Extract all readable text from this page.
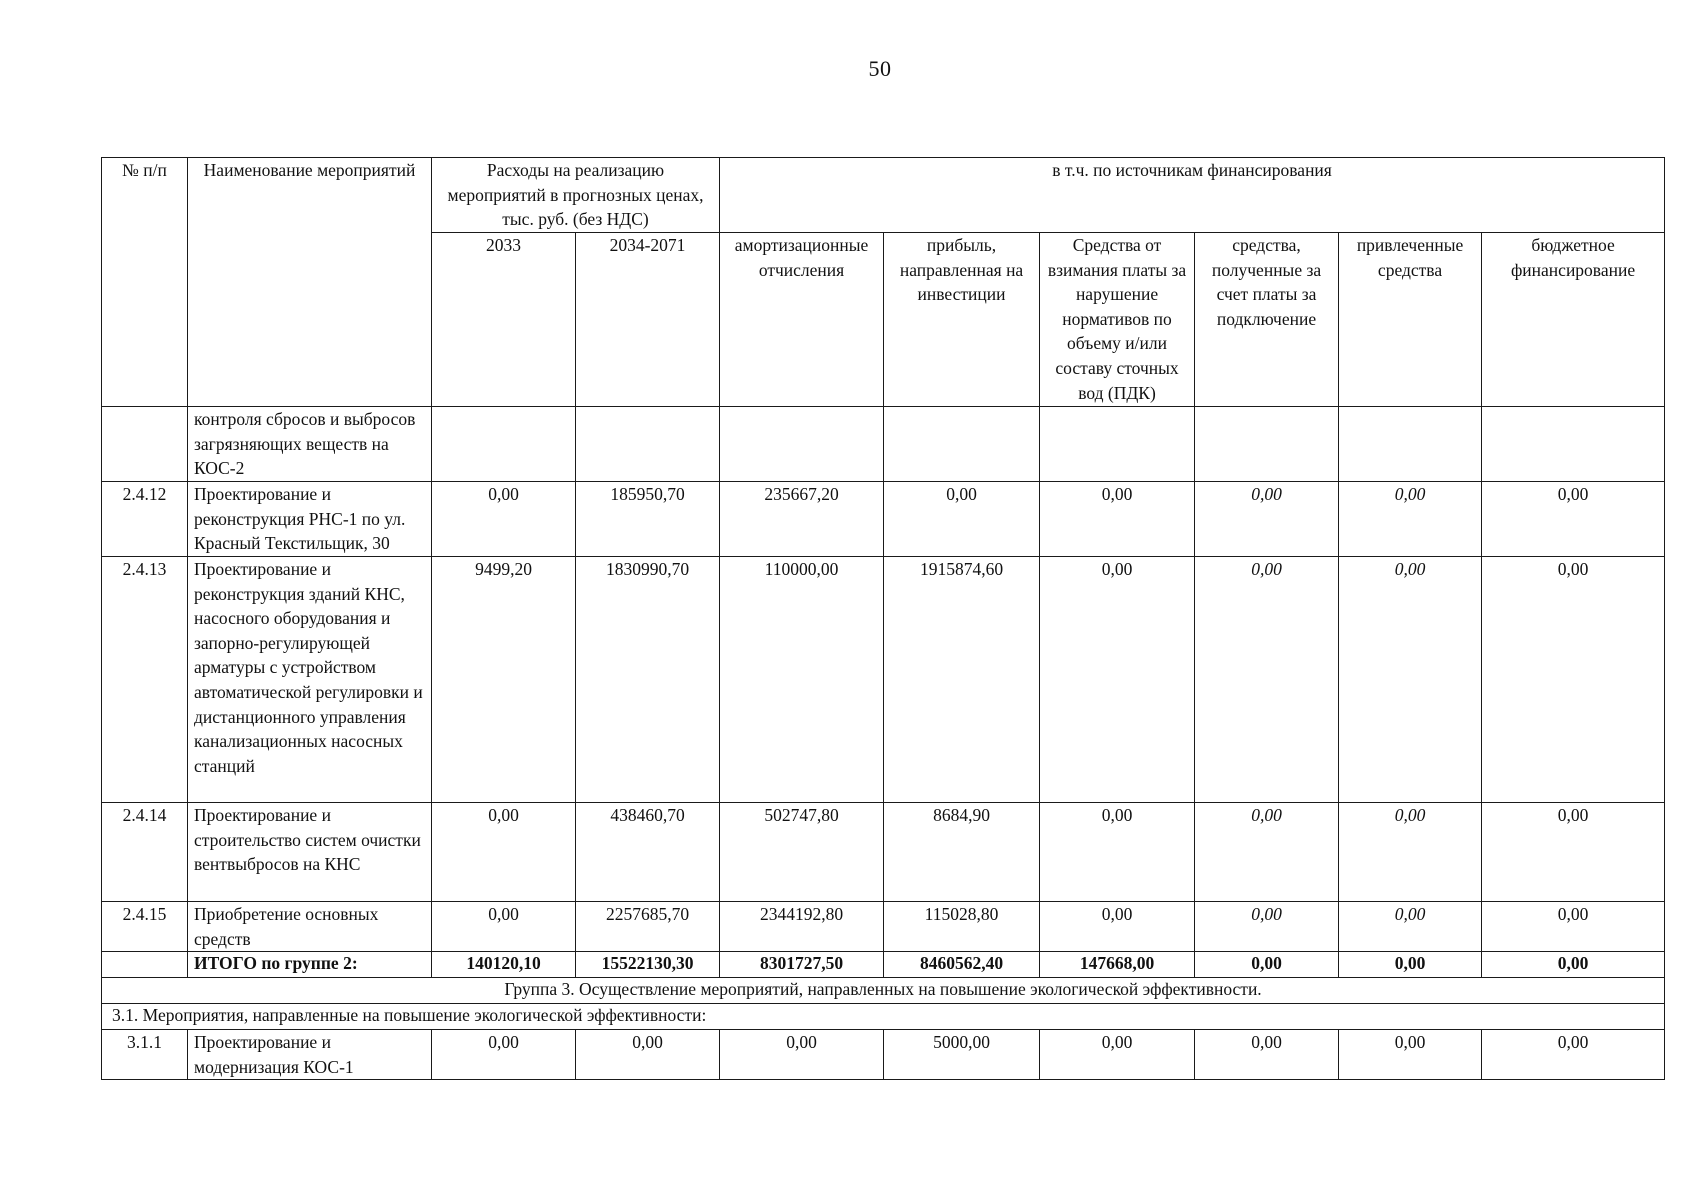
50
№ п/п	Наименование мероприятий	Расходы на реализацию мероприятий в прогнозных ценах, тыс. руб. (без НДС)		в т.ч. по источникам финансирования					
		2033	2034-2071	амортизационные отчисления	прибыль, направленная на инвестиции	Средства от взимания платы за нарушение нормативов по объему и/или составу сточных вод (ПДК)	средства, полученные за счет платы за подключение	привлеченные средства	бюджетное финансирование
	контроля сбросов и выбросов загрязняющих веществ на КОС-2								
2.4.12	Проектирование и реконструкция РНС-1 по ул. Красный Текстильщик, 30	0,00	185950,70	235667,20	0,00	0,00	0,00	0,00	0,00
2.4.13	Проектирование и реконструкция зданий КНС, насосного оборудования и запорно-регулирующей арматуры с устройством автоматической регулировки и дистанционного управления канализационных насосных станций	9499,20	1830990,70	110000,00	1915874,60	0,00	0,00	0,00	0,00
2.4.14	Проектирование и строительство систем очистки вентвыбросов на КНС	0,00	438460,70	502747,80	8684,90	0,00	0,00	0,00	0,00
2.4.15	Приобретение основных средств	0,00	2257685,70	2344192,80	115028,80	0,00	0,00	0,00	0,00
	ИТОГО по группе 2:	140120,10	15522130,30	8301727,50	8460562,40	147668,00	0,00	0,00	0,00
Группа 3. Осуществление мероприятий, направленных на повышение экологической эффективности.									
3.1. Мероприятия, направленные на повышение экологической эффективности:									
3.1.1	Проектирование и модернизация КОС-1	0,00	0,00	0,00	5000,00	0,00	0,00	0,00	0,00
